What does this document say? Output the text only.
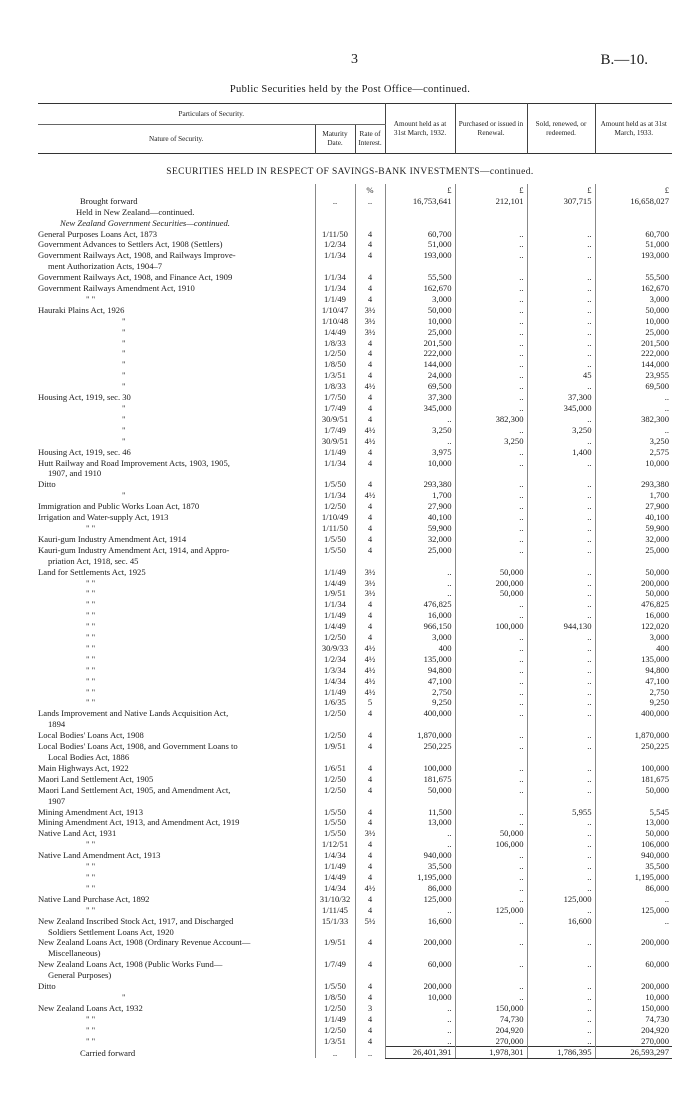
3	B.—10.
Public Securities held by the Post Office—continued.
Particulars of Security.			Amount held as at 31st March, 1932.	Purchased or issued in Renewal.	Sold, renewed, or redeemed.	Amount held as at 31st March, 1933.
Nature of Security.	Maturity Date.	Rate of Interest.				
SECURITIES HELD IN RESPECT OF SAVINGS-BANK INVESTMENTS—continued.
		%	£	£	£	£
Brought forward	..	..	16,753,641	212,101	307,715	16,658,027
Held in New Zealand—continued.						
New Zealand Government Securities—continued.						
General Purposes Loans Act, 1873	1/11/50	4	60,700	..	..	60,700
Government Advances to Settlers Act, 1908 (Settlers)	1/2/34	4	51,000	..	..	51,000
Government Railways Act, 1908, and Railways Improve-	1/1/34	4	193,000	..	..	193,000
ment Authorization Acts, 1904–7						
Government Railways Act, 1908, and Finance Act, 1909	1/1/34	4	55,500	..	..	55,500
Government Railways Amendment Act, 1910	1/1/34	4	162,670	..	..	162,670
" "	1/1/49	4	3,000	..	..	3,000
Hauraki Plains Act, 1926	1/10/47	3½	50,000	..	..	50,000
"	1/10/48	3½	10,000	..	..	10,000
"	1/4/49	3½	25,000	..	..	25,000
"	1/8/33	4	201,500	..	..	201,500
"	1/2/50	4	222,000	..	..	222,000
"	1/8/50	4	144,000	..	..	144,000
"	1/3/51	4	24,000	..	45	23,955
"	1/8/33	4½	69,500	..	..	69,500
Housing Act, 1919, sec. 30	1/7/50	4	37,300	..	37,300	..
"	1/7/49	4	345,000	..	345,000	..
"	30/9/51	4	..	382,300	..	382,300
"	1/7/49	4½	3,250	..	3,250	..
"	30/9/51	4½	..	3,250	..	3,250
Housing Act, 1919, sec. 46	1/1/49	4	3,975	..	1,400	2,575
Hutt Railway and Road Improvement Acts, 1903, 1905,	1/1/34	4	10,000	..	..	10,000
1907, and 1910						
Ditto	1/5/50	4	293,380	..	..	293,380
"	1/1/34	4½	1,700	..	..	1,700
Immigration and Public Works Loan Act, 1870	1/2/50	4	27,900	..	..	27,900
Irrigation and Water-supply Act, 1913	1/10/49	4	40,100	..	..	40,100
" "	1/11/50	4	59,900	..	..	59,900
Kauri-gum Industry Amendment Act, 1914	1/5/50	4	32,000	..	..	32,000
Kauri-gum Industry Amendment Act, 1914, and Appro-	1/5/50	4	25,000	..	..	25,000
priation Act, 1918, sec. 45						
Land for Settlements Act, 1925	1/1/49	3½	..	50,000	..	50,000
" "	1/4/49	3½	..	200,000	..	200,000
" "	1/9/51	3½	..	50,000	..	50,000
" "	1/1/34	4	476,825	..	..	476,825
" "	1/1/49	4	16,000	..	..	16,000
" "	1/4/49	4	966,150	100,000	944,130	122,020
" "	1/2/50	4	3,000	..	..	3,000
" "	30/9/33	4½	400	..	..	400
" "	1/2/34	4½	135,000	..	..	135,000
" "	1/3/34	4½	94,800	..	..	94,800
" "	1/4/34	4½	47,100	..	..	47,100
" "	1/1/49	4½	2,750	..	..	2,750
" "	1/6/35	5	9,250	..	..	9,250
Lands Improvement and Native Lands Acquisition Act,	1/2/50	4	400,000	..	..	400,000
1894						
Local Bodies' Loans Act, 1908	1/2/50	4	1,870,000	..	..	1,870,000
Local Bodies' Loans Act, 1908, and Government Loans to	1/9/51	4	250,225	..	..	250,225
Local Bodies Act, 1886						
Main Highways Act, 1922	1/6/51	4	100,000	..	..	100,000
Maori Land Settlement Act, 1905	1/2/50	4	181,675	..	..	181,675
Maori Land Settlement Act, 1905, and Amendment Act,	1/2/50	4	50,000	..	..	50,000
1907						
Mining Amendment Act, 1913	1/5/50	4	11,500	..	5,955	5,545
Mining Amendment Act, 1913, and Amendment Act, 1919	1/5/50	4	13,000	..	..	13,000
Native Land Act, 1931	1/5/50	3½	..	50,000	..	50,000
" "	1/12/51	4	..	106,000	..	106,000
Native Land Amendment Act, 1913	1/4/34	4	940,000	..	..	940,000
" "	1/1/49	4	35,500	..	..	35,500
" "	1/4/49	4	1,195,000	..	..	1,195,000
" "	1/4/34	4½	86,000	..	..	86,000
Native Land Purchase Act, 1892	31/10/32	4	125,000	..	125,000	..
" "	1/11/45	4	..	125,000	..	125,000
New Zealand Inscribed Stock Act, 1917, and Discharged	15/1/33	5½	16,600	..	16,600	..
Soldiers Settlement Loans Act, 1920						
New Zealand Loans Act, 1908 (Ordinary Revenue Account—	1/9/51	4	200,000	..	..	200,000
Miscellaneous)						
New Zealand Loans Act, 1908 (Public Works Fund—	1/7/49	4	60,000	..	..	60,000
General Purposes)						
Ditto	1/5/50	4	200,000	..	..	200,000
"	1/8/50	4	10,000	..	..	10,000
New Zealand Loans Act, 1932	1/2/50	3	..	150,000	..	150,000
" "	1/1/49	4	..	74,730	..	74,730
" "	1/2/50	4	..	204,920	..	204,920
" "	1/3/51	4	..	270,000	..	270,000
Carried forward	..	..	26,401,391	1,978,301	1,786,395	26,593,297
